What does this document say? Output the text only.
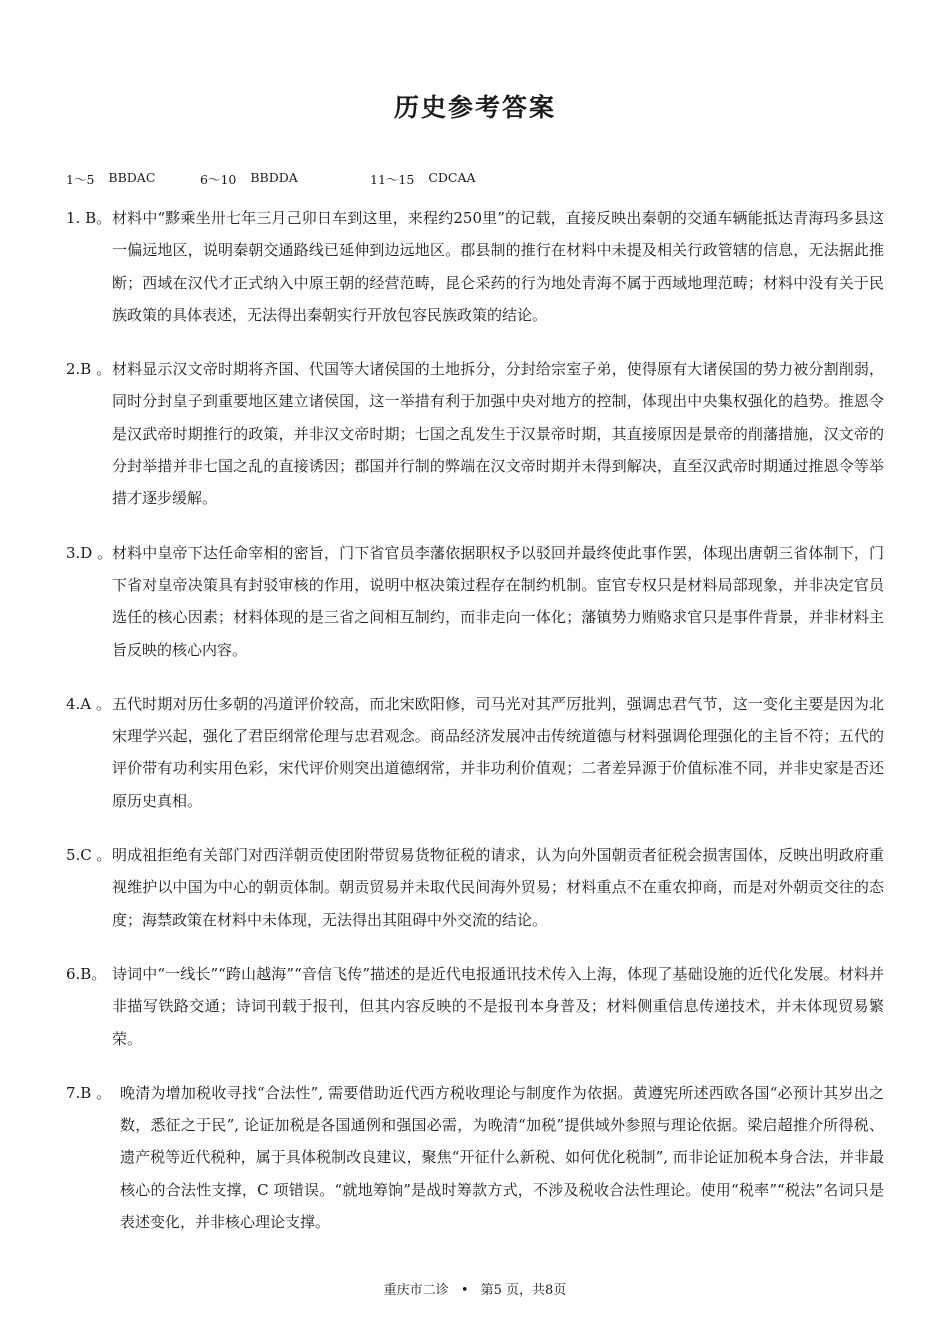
历史参考答案
1～5 BBDAC	6～10 BBDDA	11～15 CDCAA
1. B。 材料中“黟乘坐卅七年三月己卯日车到这里，来程约250里”的记载，直接反映出秦朝的交通车辆能抵达青海玛多县这一偏远地区，说明秦朝交通路线已延伸到边远地区。郡县制的推行在材料中未提及相关行政管辖的信息，无法据此推断；西域在汉代才正式纳入中原王朝的经营范畴，昆仑采药的行为地处青海不属于西域地理范畴；材料中没有关于民族政策的具体表述，无法得出秦朝实行开放包容民族政策的结论。
2.B 。 材料显示汉文帝时期将齐国、代国等大诸侯国的土地拆分，分封给宗室子弟，使得原有大诸侯国的势力被分割削弱，同时分封皇子到重要地区建立诸侯国，这一举措有利于加强中央对地方的控制，体现出中央集权强化的趋势。推恩令是汉武帝时期推行的政策，并非汉文帝时期；七国之乱发生于汉景帝时期，其直接原因是景帝的削藩措施，汉文帝的分封举措并非七国之乱的直接诱因；郡国并行制的弊端在汉文帝时期并未得到解决，直至汉武帝时期通过推恩令等举措才逐步缓解。
3.D 。 材料中皇帝下达任命宰相的密旨，门下省官员李藩依据职权予以驳回并最终使此事作罢，体现出唐朝三省体制下，门下省对皇帝决策具有封驳审核的作用，说明中枢决策过程存在制约机制。宦官专权只是材料局部现象，并非决定官员选任的核心因素；材料体现的是三省之间相互制约，而非走向一体化；藩镇势力贿赂求官只是事件背景，并非材料主旨反映的核心内容。
4.A 。 五代时期对历仕多朝的冯道评价较高，而北宋欧阳修，司马光对其严厉批判，强调忠君气节，这一变化主要是因为北宋理学兴起，强化了君臣纲常伦理与忠君观念。商品经济发展冲击传统道德与材料强调伦理强化的主旨不符；五代的评价带有功利实用色彩，宋代评价则突出道德纲常，并非功利价值观；二者差异源于价值标准不同，并非史家是否还原历史真相。
5.C 。 明成祖拒绝有关部门对西洋朝贡使团附带贸易货物征税的请求，认为向外国朝贡者征税会损害国体，反映出明政府重视维护以中国为中心的朝贡体制。朝贡贸易并未取代民间海外贸易；材料重点不在重农抑商，而是对外朝贡交往的态度；海禁政策在材料中未体现，无法得出其阻碍中外交流的结论。
6.B。 诗词中“一线长”“跨山越海”“音信飞传”描述的是近代电报通讯技术传入上海，体现了基础设施的近代化发展。材料并非描写铁路交通；诗词刊载于报刊，但其内容反映的不是报刊本身普及；材料侧重信息传递技术，并未体现贸易繁荣。
7.B 。 晚清为增加税收寻找“合法性”, 需要借助近代西方税收理论与制度作为依据。黄遵宪所述西欧各国“必预计其岁出之数，悉征之于民”, 论证加税是各国通例和强国必需，为晚清“加税”提供域外参照与理论依据。梁启超推介所得税、遗产税等近代税种，属于具体税制改良建议，聚焦“开征什么新税、如何优化税制”, 而非论证加税本身合法，并非最核心的合法性支撑，C 项错误。“就地筹饷”是战时筹款方式，不涉及税收合法性理论。使用“税率”“税法”名词只是表述变化，并非核心理论支撑。
重庆市二诊 • 第5 页，共8页
